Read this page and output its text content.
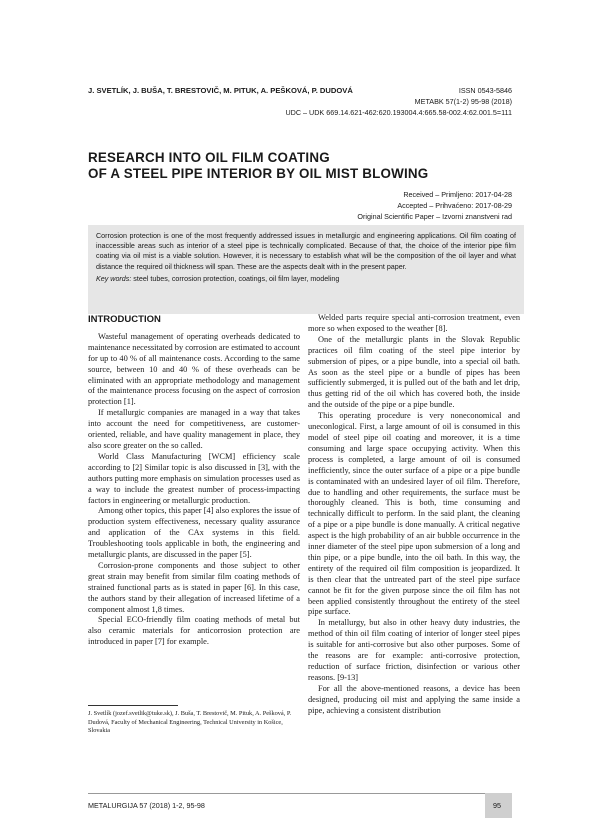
J. SVETLÍK, J. BUŠA, T. BRESTOVIČ, M. PITUK, A. PEŠKOVÁ, P. DUDOVÁ	ISSN 0543-5846
METABK 57(1-2) 95-98 (2018)
UDC – UDK 669.14.621-462:620.193004.4:665.58-002.4:62.001.5=111
RESEARCH INTO OIL FILM COATING
OF A STEEL PIPE INTERIOR BY OIL MIST BLOWING
Received – Primljeno: 2017-04-28
Accepted – Prihvaćeno: 2017-08-29
Original Scientific Paper – Izvorni znanstveni rad

Corrosion protection is one of the most frequently addressed issues in metallurgic and engineering applications. Oil film coating of inaccessible areas such as interior of a steel pipe is technically complicated. Because of that, the choice of the interior pipe film coating via oil mist is a viable solution. However, it is necessary to establish what will be the composition of the oil layer and what distance the required oil thickness will span. These are the aspects dealt with in the present paper.

Key words: steel tubes, corrosion protection, coatings, oil film layer, modeling

INTRODUCTION

Wasteful management of operating overheads dedicated to maintenance necessitated by corrosion are estimated to account for up to 40 % of all maintenance costs. According to the same source, between 10 and 40 % of these overheads can be eliminated with an appropriate methodology and management of the maintenance process focusing on the aspect of corrosion protection [1].

If metallurgic companies are managed in a way that takes into account the need for competitiveness, are customer-oriented, reliable, and have quality management in place, they also score greater on the so called.

World Class Manufacturing [WCM] efficiency scale according to [2] Similar topic is also discussed in [3], with the authors putting more emphasis on simulation processes used as a way to include the greatest number of process-impacting factors in engineering or metallurgic production.

Among other topics, this paper [4] also explores the issue of production system effectiveness, necessary quality assurance and application of the CAx systems in this field. Troubleshooting tools applicable in both, the engineering and metallurgic plants, are discussed in the paper [5].

Corrosion-prone components and those subject to other great strain may benefit from similar film coating methods of strained functional parts as is stated in paper [6]. In this case, the authors stand by their allegation of increased lifetime of a component almost 1,8 times.

Special ECO-friendly film coating methods of metal but also ceramic materials for anticorrosion protection are introduced in paper [7] for example.

Welded parts require special anti-corrosion treatment, even more so when exposed to the weather [8].

One of the metallurgic plants in the Slovak Republic practices oil film coating of the steel pipe interior by submersion of pipes, or a pipe bundle, into a special oil bath. As soon as the steel pipe or a bundle of pipes has been sufficiently submerged, it is pulled out of the bath and let drip, thus getting rid of the oil which has covered both, the inside and the outside of the pipe or a pipe bundle.

This operating procedure is very noneconomical and uneconlogical. First, a large amount of oil is consumed in this model of steel pipe oil coating and moreover, it is a time consuming and large space occupying activity. When this process is completed, a large amount of oil is consumed inefficiently, since the outer surface of a pipe or a pipe bundle is contaminated with an undesired layer of oil film. Therefore, due to handling and other requirements, the surface must be thoroughly cleaned. This is both, time consuming and technically difficult to perform. In the said plant, the cleaning of a pipe or a pipe bundle is done manually. A critical negative aspect is the high probability of an air bubble occurrence in the inner diameter of the steel pipe upon submersion of a long and thin pipe, or a pipe bundle, into the oil bath. In this way, the entirety of the required oil film composition is jeopardized. It is then clear that the untreated part of the steel pipe surface cannot be fit for the given purpose since the oil film has not been applied consistently throughout the entirety of the steel pipe surface.

In metallurgy, but also in other heavy duty industries, the method of thin oil film coating of interior of longer steel pipes is suitable for anti-corrosive but also other purposes. Some of the reasons are for example: anti-corrosive protection, reduction of surface friction, disinfection or various other reasons. [9-13]

For all the above-mentioned reasons, a device has been designed, producing oil mist and applying the same inside a pipe, achieving a consistent distribution

J. Svetlík (jozef.svetlik@tuke.sk), J. Buša, T. Brestovič, M. Pituk, A. Pešková, P. Dudová, Faculty of Mechanical Engineering, Technical University in Košice, Slovakia
METALURGIJA 57 (2018) 1-2, 95-98	95
